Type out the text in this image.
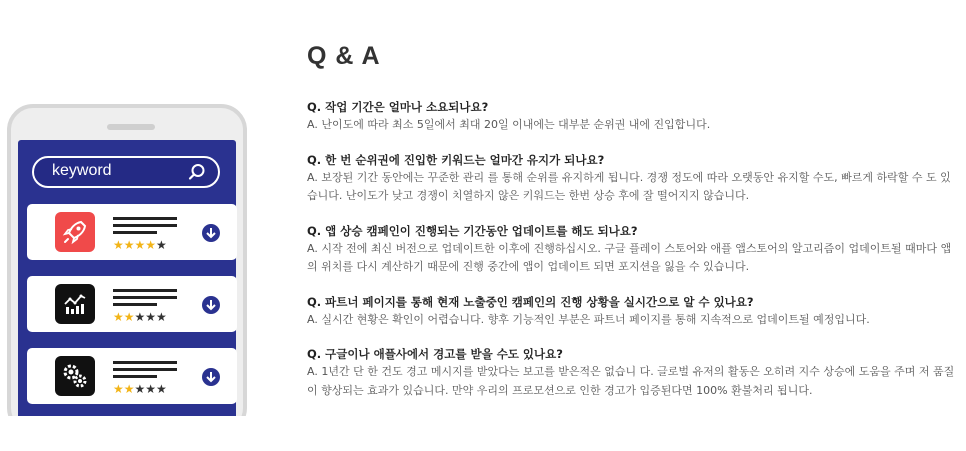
keyword
★★★★★
★★★★★
★★★★★
Q & A
Q. 작업 기간은 얼마나 소요되나요?
A. 난이도에 따라 최소 5일에서 최대 20일 이내에는 대부분 순위권 내에 진입합니다.
Q. 한 번 순위권에 진입한 키워드는 얼마간 유지가 되나요?
A. 보장된 기간 동안에는 꾸준한 관리 를 통해 순위를 유지하게 됩니다. 경쟁 정도에 따라 오랫동안 유지할 수도, 빠르게 하락할 수 도 있습니다. 난이도가 낮고 경쟁이 치열하지 않은 키워드는 한번 상승 후에 잘 떨어지지 않습니다.
Q. 앱 상승 캠페인이 진행되는 기간동안 업데이트를 해도 되나요?
A. 시작 전에 최신 버전으로 업데이트한 이후에 진행하십시오. 구글 플레이 스토어와 애플 앱스토어의 알고리즘이 업데이트될 때마다 앱의 위치를 다시 계산하기 때문에 진행 중간에 앱이 업데이트 되면 포지션을 잃을 수 있습니다.
Q. 파트너 페이지를 통해 현재 노출중인 캠페인의 진행 상황을 실시간으로 알 수 있나요?
A. 실시간 현황은 확인이 어렵습니다. 향후 기능적인 부분은 파트너 페이지를 통해 지속적으로 업데이트될 예정입니다.
Q. 구글이나 애플사에서 경고를 받을 수도 있나요?
A. 1년간 단 한 건도 경고 메시지를 받았다는 보고를 받은적은 없습니 다. 글로벌 유저의 활동은 오히려 지수 상승에 도움을 주며 저 품질이 향상되는 효과가 있습니다. 만약 우리의 프로모션으로 인한 경고가 입증된다면 100% 환불처리 됩니다.
